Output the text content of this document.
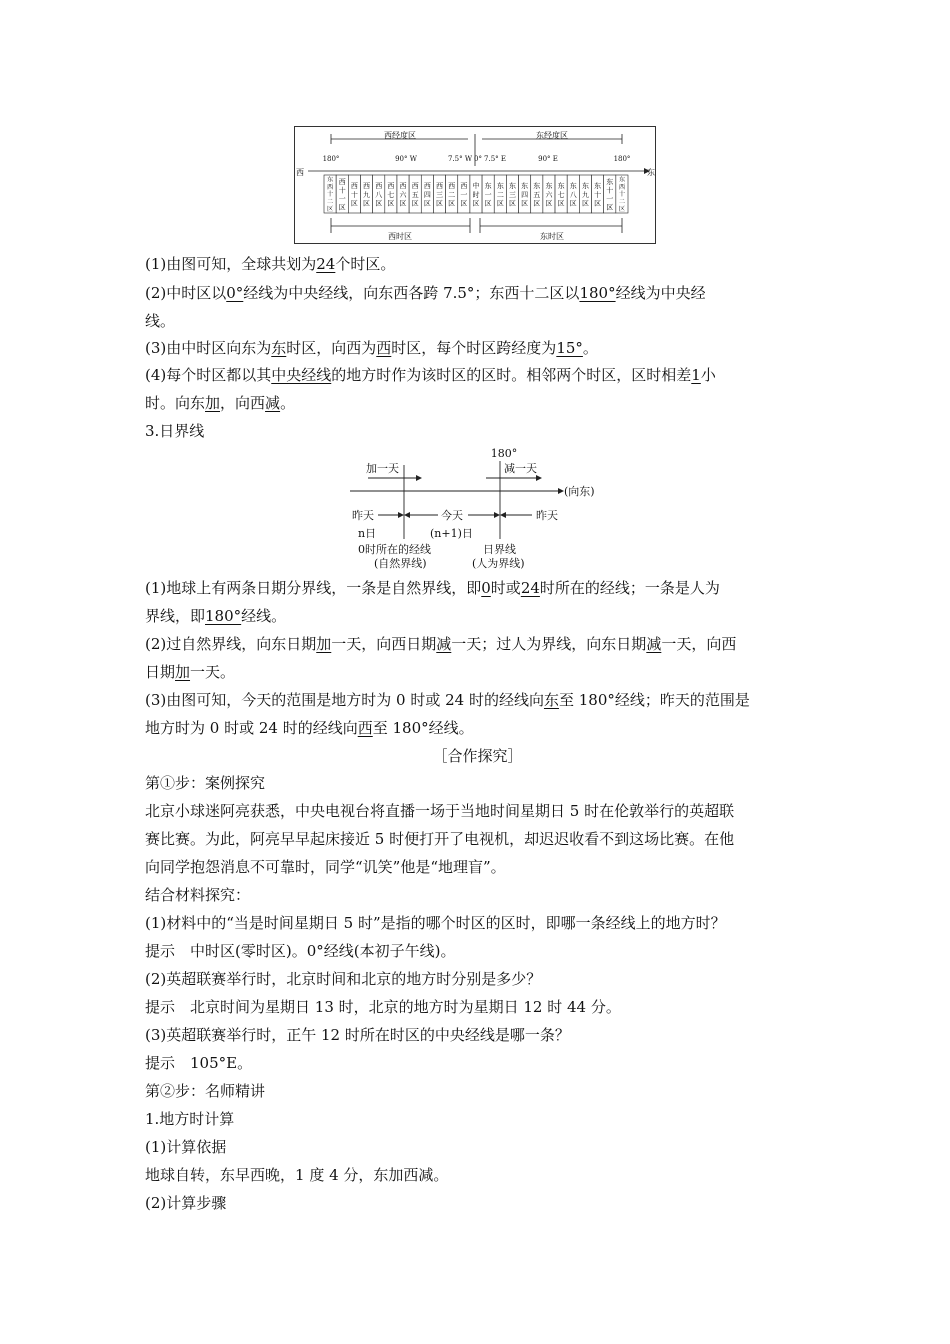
西经度区	东经度区
180°	90° W	7.5° W 0° 7.5° E	90° E	180°
西	东
东西十二区
西十一区
西十区
西九区
西八区
西七区
西六区
西五区
西四区
西三区
西二区
西一区
中时区
东一区
东二区
东三区
东四区
东五区
东六区
东七区
东八区
东九区
东十区
东十一区
东西十二区
西时区	东时区
(1)由图可知，全球共划为24个时区。
(2)中时区以0°经线为中央经线，向东西各跨 7.5°；东西十二区以180°经线为中央经
线。
(3)由中时区向东为东时区，向西为西时区，每个时区跨经度为15°。
(4)每个时区都以其中央经线的地方时作为该时区的区时。相邻两个时区，区时相差1小
时。向东加，向西减。
3.日界线
180°
加一天	减一天
(向东)
昨天	今天	昨天
n日	(n+1)日
0时所在的经线
(自然界线)
日界线
(人为界线)
(1)地球上有两条日期分界线，一条是自然界线，即0时或24时所在的经线；一条是人为
界线，即180°经线。
(2)过自然界线，向东日期加一天，向西日期减一天；过人为界线，向东日期减一天，向西
日期加一天。
(3)由图可知，今天的范围是地方时为 0 时或 24 时的经线向东至 180°经线；昨天的范围是
地方时为 0 时或 24 时的经线向西至 180°经线。
［合作探究］
第①步：案例探究
北京小球迷阿亮获悉，中央电视台将直播一场于当地时间星期日 5 时在伦敦举行的英超联
赛比赛。为此，阿亮早早起床接近 5 时便打开了电视机，却迟迟收看不到这场比赛。在他
向同学抱怨消息不可靠时，同学“讥笑”他是“地理盲”。
结合材料探究：
(1)材料中的“当是时间星期日 5 时”是指的哪个时区的区时，即哪一条经线上的地方时？
提示　中时区(零时区)。0°经线(本初子午线)。
(2)英超联赛举行时，北京时间和北京的地方时分别是多少？
提示　北京时间为星期日 13 时，北京的地方时为星期日 12 时 44 分。
(3)英超联赛举行时，正午 12 时所在时区的中央经线是哪一条？
提示　105°E。
第②步：名师精讲
1.地方时计算
(1)计算依据
地球自转，东早西晚，1 度 4 分，东加西减。
(2)计算步骤
